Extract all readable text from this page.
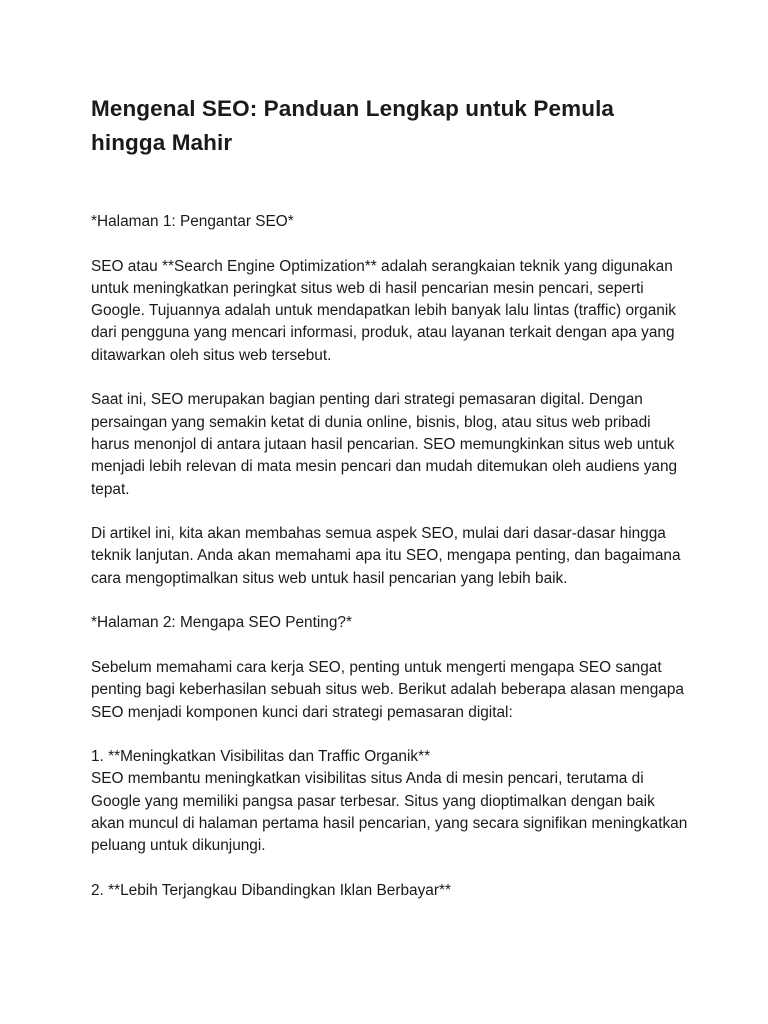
Mengenal SEO: Panduan Lengkap untuk Pemula hingga Mahir

*Halaman 1: Pengantar SEO*

SEO atau **Search Engine Optimization** adalah serangkaian teknik yang digunakan untuk meningkatkan peringkat situs web di hasil pencarian mesin pencari, seperti Google. Tujuannya adalah untuk mendapatkan lebih banyak lalu lintas (traffic) organik dari pengguna yang mencari informasi, produk, atau layanan terkait dengan apa yang ditawarkan oleh situs web tersebut.

Saat ini, SEO merupakan bagian penting dari strategi pemasaran digital. Dengan persaingan yang semakin ketat di dunia online, bisnis, blog, atau situs web pribadi harus menonjol di antara jutaan hasil pencarian. SEO memungkinkan situs web untuk menjadi lebih relevan di mata mesin pencari dan mudah ditemukan oleh audiens yang tepat.

Di artikel ini, kita akan membahas semua aspek SEO, mulai dari dasar-dasar hingga teknik lanjutan. Anda akan memahami apa itu SEO, mengapa penting, dan bagaimana cara mengoptimalkan situs web untuk hasil pencarian yang lebih baik.

*Halaman 2: Mengapa SEO Penting?*

Sebelum memahami cara kerja SEO, penting untuk mengerti mengapa SEO sangat penting bagi keberhasilan sebuah situs web. Berikut adalah beberapa alasan mengapa SEO menjadi komponen kunci dari strategi pemasaran digital:

1. **Meningkatkan Visibilitas dan Traffic Organik**

SEO membantu meningkatkan visibilitas situs Anda di mesin pencari, terutama di Google yang memiliki pangsa pasar terbesar. Situs yang dioptimalkan dengan baik akan muncul di halaman pertama hasil pencarian, yang secara signifikan meningkatkan peluang untuk dikunjungi.

2. **Lebih Terjangkau Dibandingkan Iklan Berbayar**
